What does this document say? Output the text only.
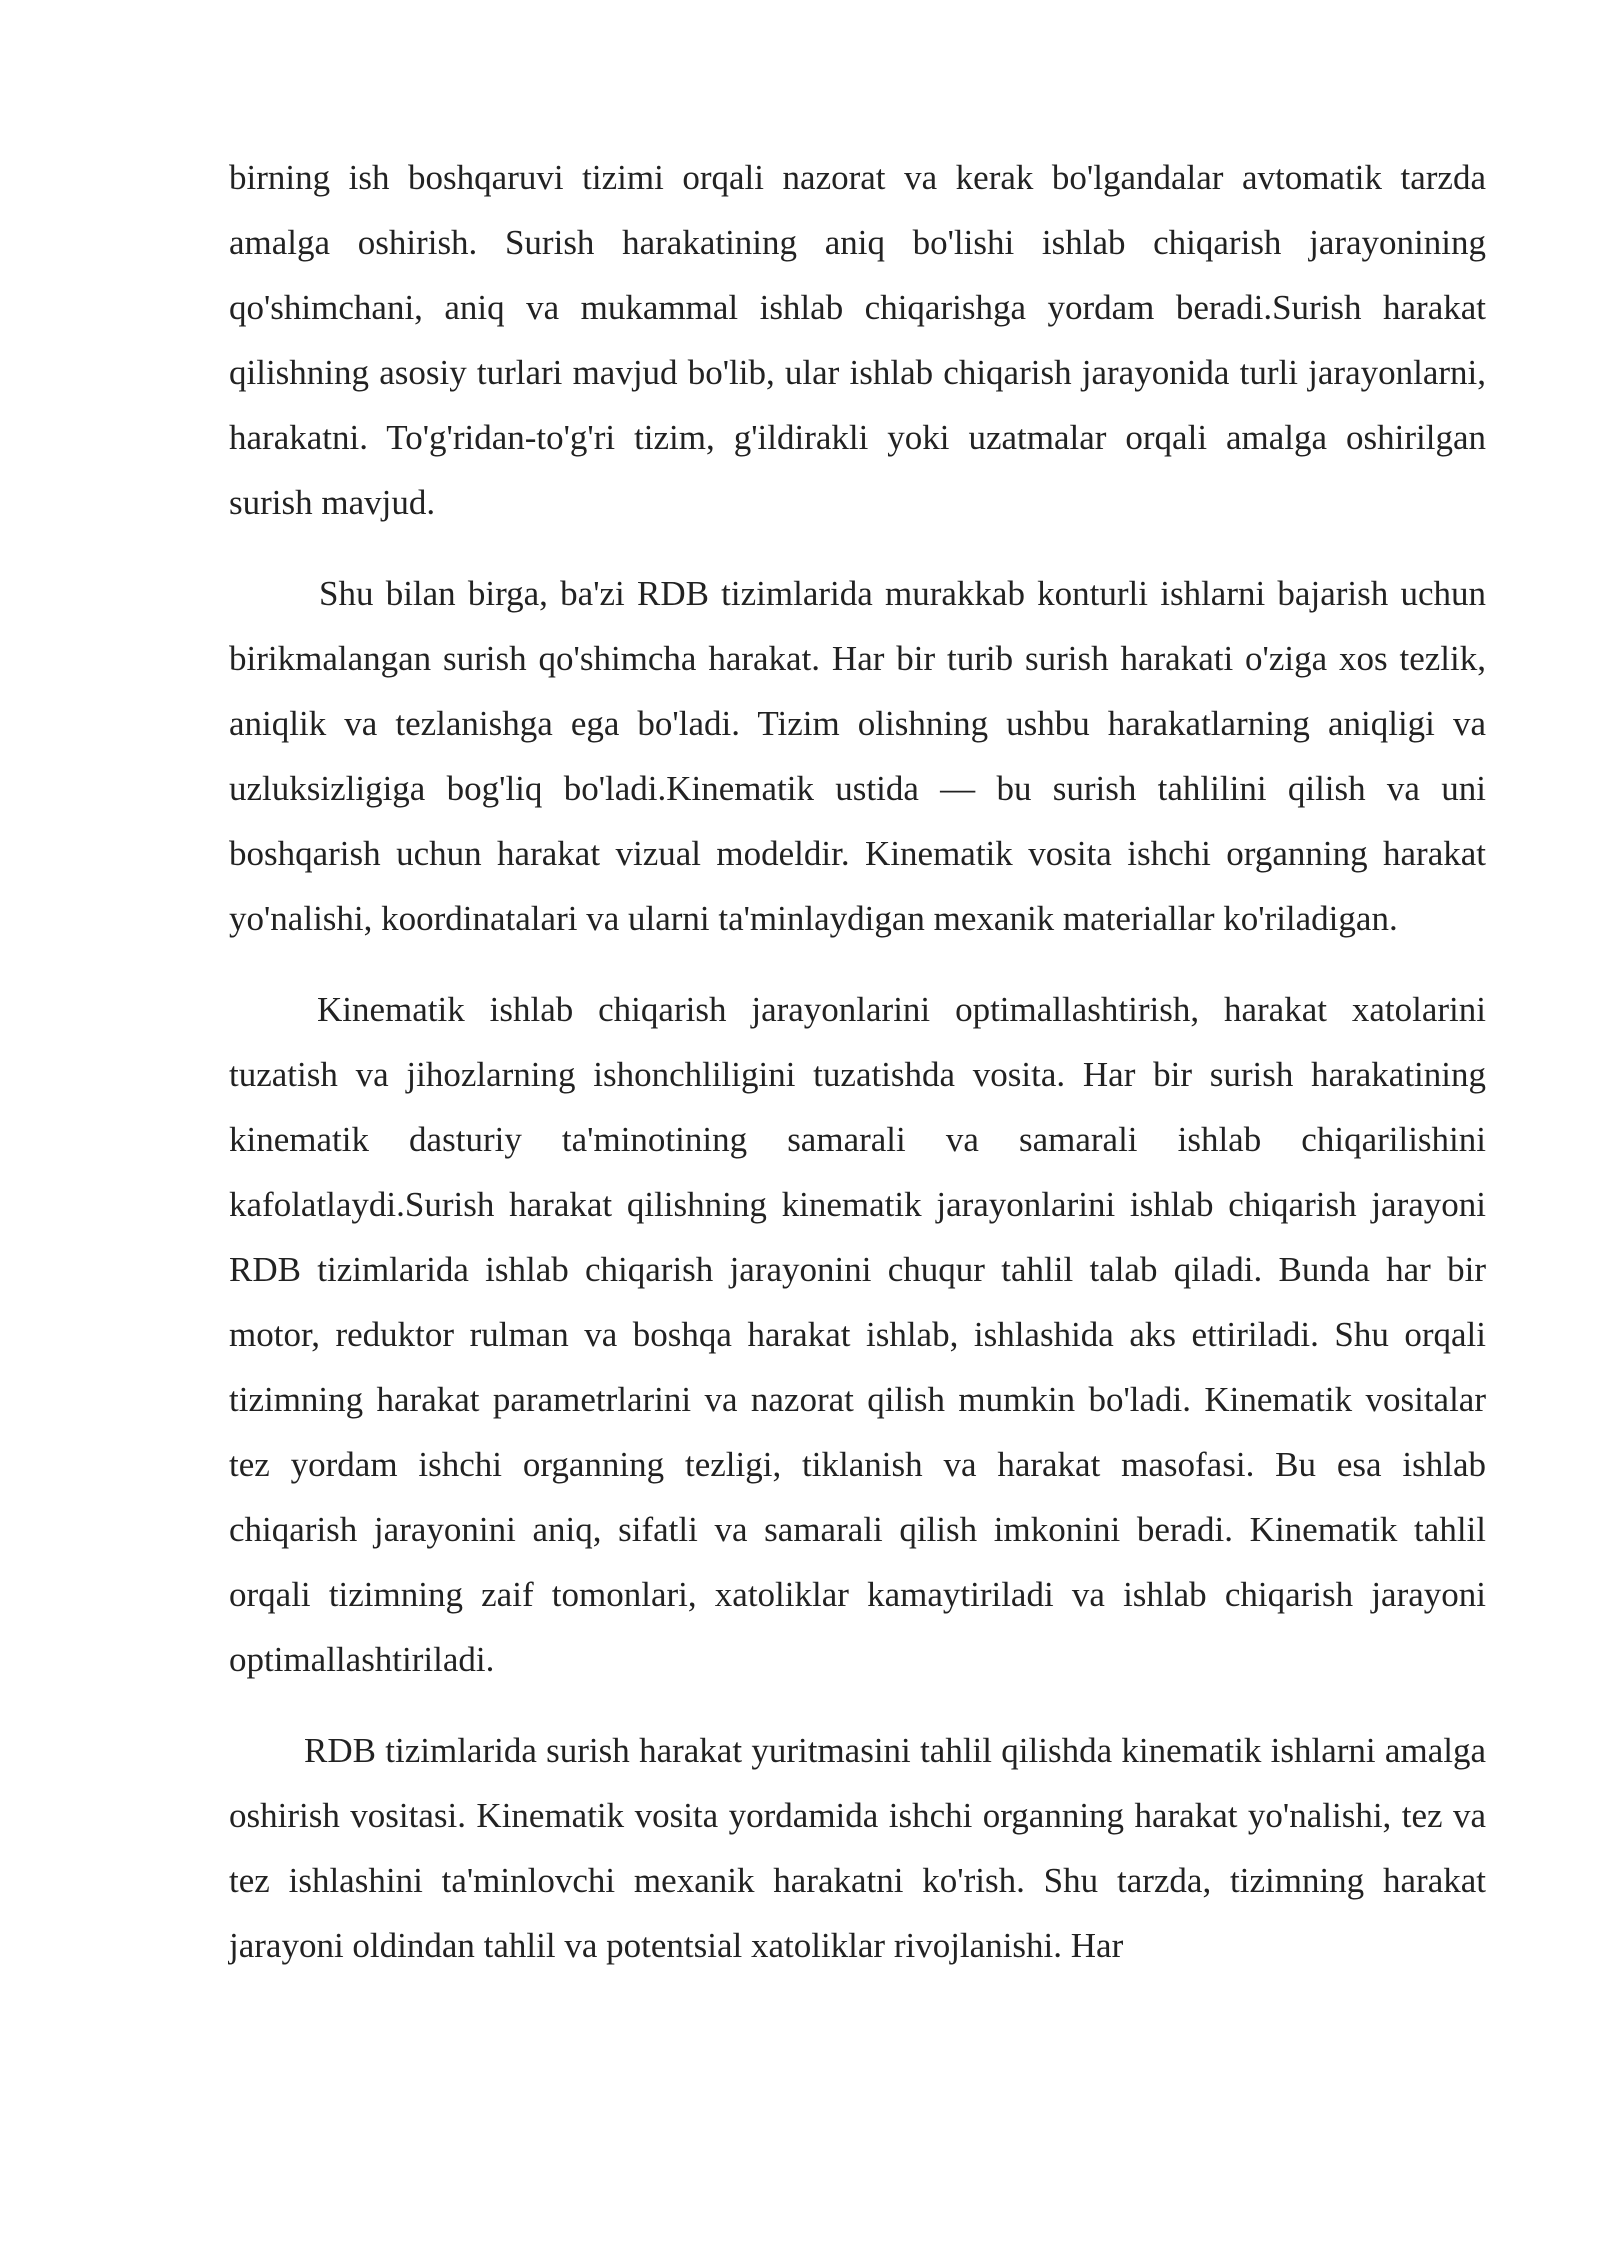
birning ish boshqaruvi tizimi orqali nazorat va kerak bo'lgandalar avtomatik tarzda amalga oshirish. Surish harakatining aniq bo'lishi ishlab chiqarish jarayonining qo'shimchani, aniq va mukammal ishlab chiqarishga yordam beradi.Surish harakat qilishning asosiy turlari mavjud bo'lib, ular ishlab chiqarish jarayonida turli jarayonlarni, harakatni. To'g'ridan-to'g'ri tizim, g'ildirakli yoki uzatmalar orqali amalga oshirilgan surish mavjud.

Shu bilan birga, ba'zi RDB tizimlarida murakkab konturli ishlarni bajarish uchun birikmalangan surish qo'shimcha harakat. Har bir turib surish harakati o'ziga xos tezlik, aniqlik va tezlanishga ega bo'ladi. Tizim olishning ushbu harakatlarning aniqligi va uzluksizligiga bog'liq bo'ladi.Kinematik ustida — bu surish tahlilini qilish va uni boshqarish uchun harakat vizual modeldir. Kinematik vosita ishchi organning harakat yo'nalishi, koordinatalari va ularni ta'minlaydigan mexanik materiallar ko'riladigan.

Kinematik ishlab chiqarish jarayonlarini optimallashtirish, harakat xatolarini tuzatish va jihozlarning ishonchliligini tuzatishda vosita. Har bir surish harakatining kinematik dasturiy ta'minotining samarali va samarali ishlab chiqarilishini kafolatlaydi.Surish harakat qilishning kinematik jarayonlarini ishlab chiqarish jarayoni RDB tizimlarida ishlab chiqarish jarayonini chuqur tahlil talab qiladi. Bunda har bir motor, reduktor rulman va boshqa harakat ishlab, ishlashida aks ettiriladi. Shu orqali tizimning harakat parametrlarini va nazorat qilish mumkin bo'ladi. Kinematik vositalar tez yordam ishchi organning tezligi, tiklanish va harakat masofasi. Bu esa ishlab chiqarish jarayonini aniq, sifatli va samarali qilish imkonini beradi. Kinematik tahlil orqali tizimning zaif tomonlari, xatoliklar kamaytiriladi va ishlab chiqarish jarayoni optimallashtiriladi.

RDB tizimlarida surish harakat yuritmasini tahlil qilishda kinematik ishlarni amalga oshirish vositasi. Kinematik vosita yordamida ishchi organning harakat yo'nalishi, tez va tez ishlashini ta'minlovchi mexanik harakatni ko'rish. Shu tarzda, tizimning harakat jarayoni oldindan tahlil va potentsial xatoliklar rivojlanishi. Har
